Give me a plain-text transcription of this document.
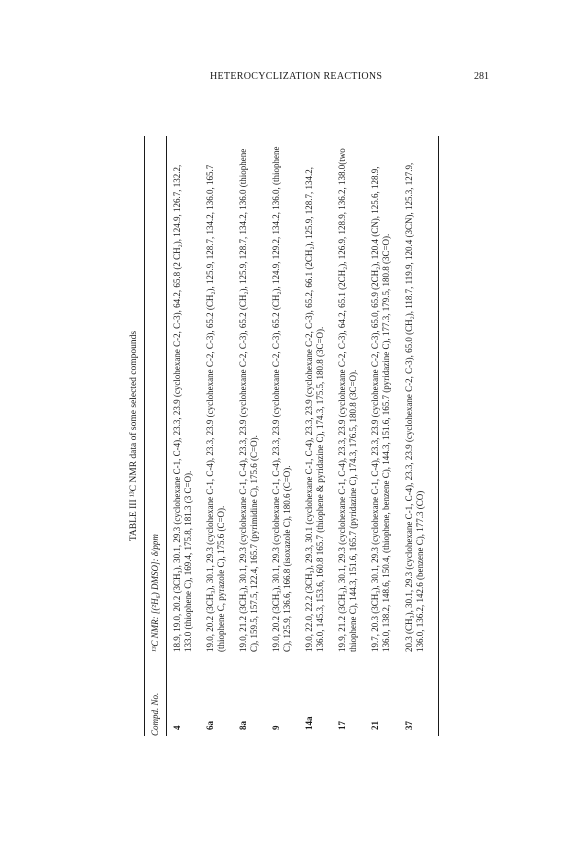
HETEROCYCLIZATION REACTIONS	281
TABLE III ¹³C NMR data of some selected compounds
Compd. No.
¹³C NMR: [(²H₆) DMSO]: δ/ppm
4
18.9, 19.0, 20.2 (3CH₃), 30.1, 29.3 (cyclohexane C-1, C-4), 23.3, 23.9 (cyclohexane C-2, C-3), 64.2, 65.8 (2 CH₂), 124.9, 126.7, 132.2, 133.0 (thiophene C), 169.4, 175.8, 181.3 (3 C=O).
6a
19.0, 20.2 (3CH₃), 30.1, 29.3 (cyclohexane C-1, C-4), 23.3, 23.9 (cyclohexane C-2, C-3), 65.2 (CH₂), 125.9, 128.7, 134.2, 136.0, 165.7 (thiophene C, pyrazole C), 175.6 (C=O).
8a
19.0, 21.2 (3CH₃), 30.1, 29.3 (cyclohexane C-1, C-4), 23.3, 23.9 (cyclohexane C-2, C-3), 65.2 (CH₂), 125.9, 128.7, 134.2, 136.0 (thiophene C), 159.5, 157.5, 122.4, 165.7 (pyrimidine C), 175.6 (C=O).
9
19.0, 20.2 (3CH₃), 30.1, 29.3 (cyclohexane C-1, C-4), 23.3, 23.9 (cyclohexane C-2, C-3), 65.2 (CH₂), 124.9, 129.2, 134.2, 136.0, (thiophene C), 125.9, 136.6, 166.8 (isoxazole C), 180.6 (C=O).
14a
19.0, 22.0, 22.2 (3CH₃), 29.3, 30.1 (cyclohexane C-1, C-4), 23.3, 23.9 (cyclohexane C-2, C-3), 65.2, 66.1 (2CH₂), 125.9, 128.7, 134.2, 136.0, 145.3, 153.6, 160.8 165.7 (thiophene & pyridazine C), 174.3, 175.5, 180.8 (3C=O).
17
19.9, 21.2 (3CH₃), 30.1, 29.3 (cyclohexane C-1, C-4), 23.3, 23.9 (cyclohexane C-2, C-3), 64.2, 65.1 (2CH₂), 126.9, 128.9, 136.2, 138.0(two thiophene C), 144.3, 151.6, 165.7 (pyridazine C), 174.3, 176.5, 180.8 (3C=O).
21
19.7, 20.3 (3CH₃), 30.1, 29.3 (cyclohexane C-1, C-4), 23.3, 23.9 (cyclohexane C-2, C-3), 65.0, 65.9 (2CH₂), 120.4 (CN), 125.6, 128.9, 136.0, 138.2, 148.6, 150.4, (thiophene, benzene C), 144.3, 151.6, 165.7 (pyridazine C), 177.3, 179.5, 180.8 (3C=O).
37
20.3 (CH₃), 30.1, 29.3 (cyclohexane C-1, C-4), 23.3, 23.9 (cyclohexane C-2, C-3), 65.0 (CH₂), 118.7, 119.9, 120.4 (3CN), 125.3, 127.9, 136.0, 136.2, 142.6 (benzene C), 177.3 (CO)
